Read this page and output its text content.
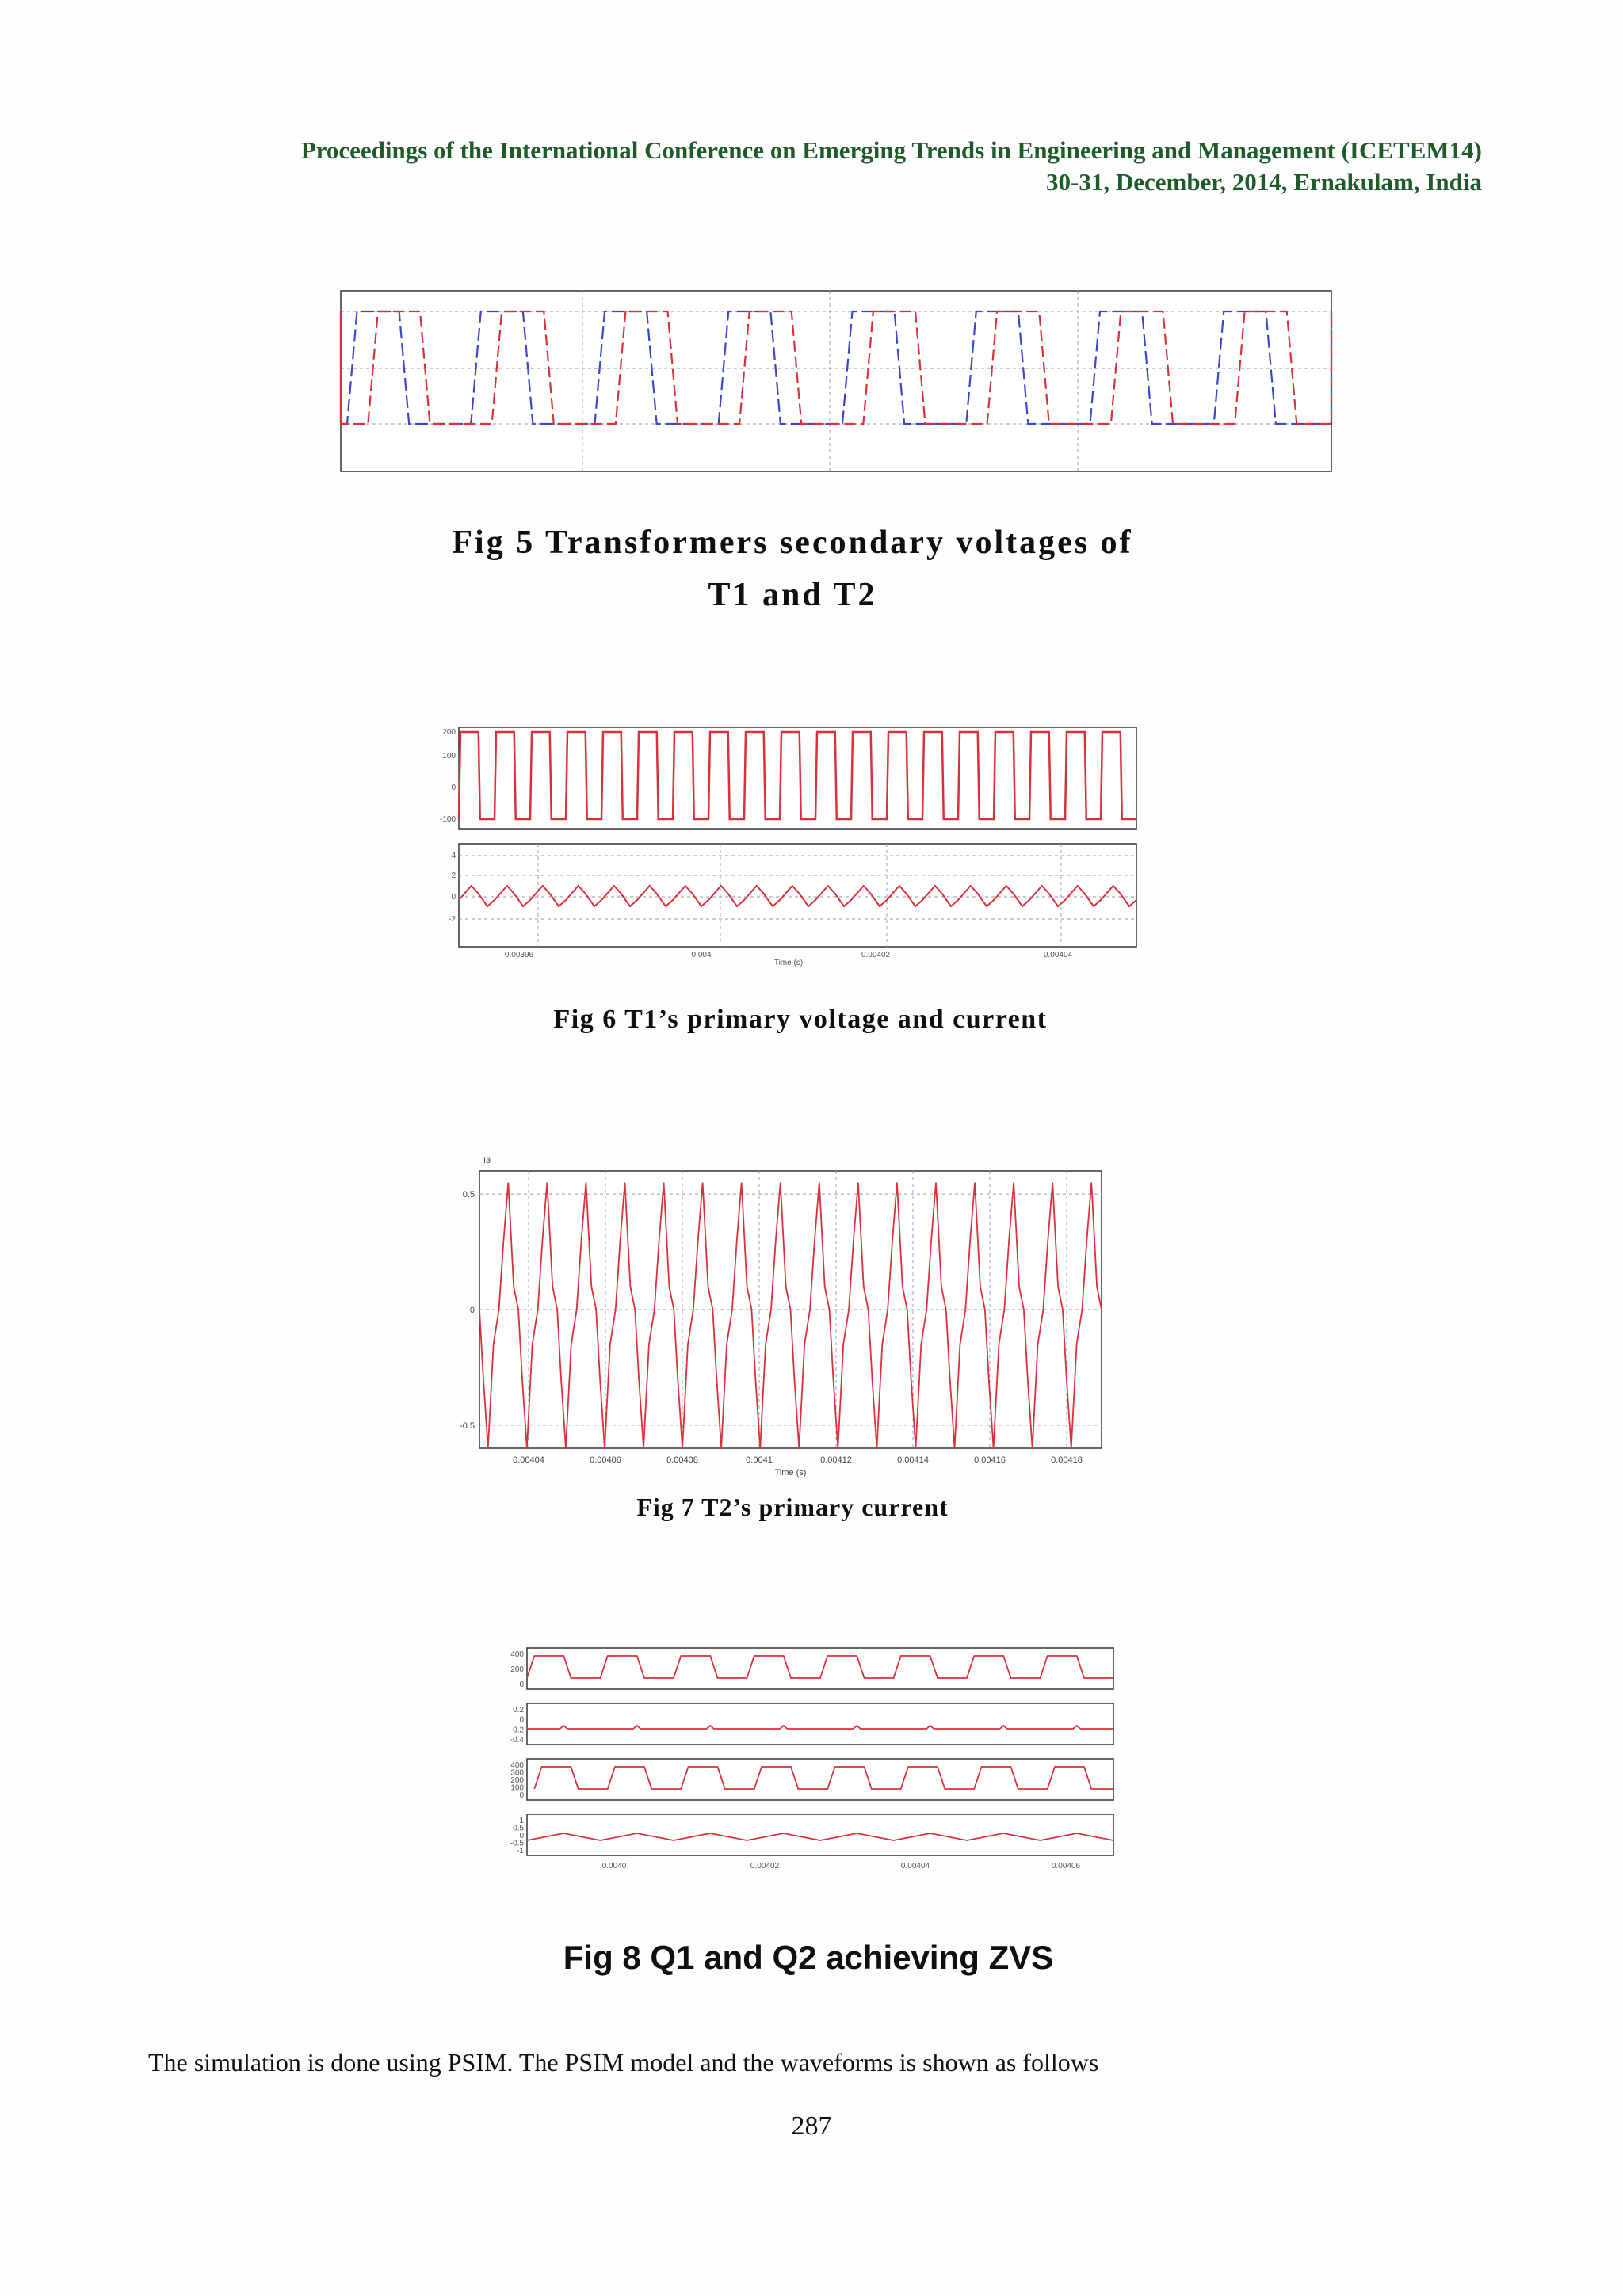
Proceedings of the International Conference on Emerging Trends in Engineering and Management (ICETEM14)
30-31, December, 2014, Ernakulam, India
Fig 5 Transformers secondary voltages of
T1 and T2
200
100
0
-100
4
2
0
-2
0.00396	0.004	0.00402	0.00404
Time (s)
Fig 6 T1’s primary voltage and current
I3
0.5
0
-0.5
0.00404	0.00406	0.00408	0.0041	0.00412	0.00414	0.00416	0.00418
Time (s)
Fig 7 T2’s primary current
400
200
0
0.2
0
-0.2
-0.4
400
300
200
100
0
1
0.5
0
-0.5
-1
0.0040	0.00402	0.00404	0.00406
Fig 8 Q1 and Q2 achieving ZVS
The simulation is done using PSIM. The PSIM model and the waveforms is shown as follows
287
